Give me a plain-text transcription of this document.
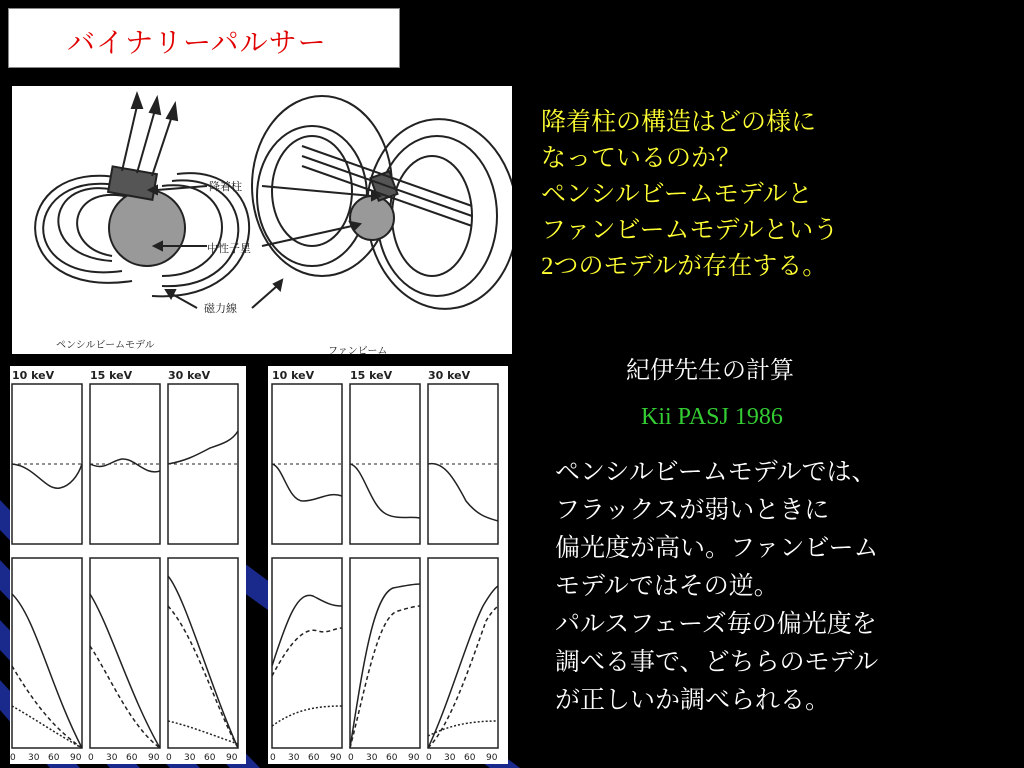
バイナリーパルサー
降着柱
中性子星
磁力線
ペンシルビームモデル
ファンビーム
10 keV	15 keV	30 keV
0 30 60 90 0 30 60 90 0 30 60 90
10 keV	15 keV	30 keV
0 30 60 90 0 30 60 90 0 30 60 90
降着柱の構造はどの様に
なっているのか？
ペンシルビームモデルと
ファンビームモデルという
2つのモデルが存在する。
紀伊先生の計算
Kii PASJ 1986
ペンシルビームモデルでは、
フラックスが弱いときに
偏光度が高い。ファンビーム
モデルではその逆。
パルスフェーズ毎の偏光度を
調べる事で、どちらのモデル
が正しいか調べられる。
